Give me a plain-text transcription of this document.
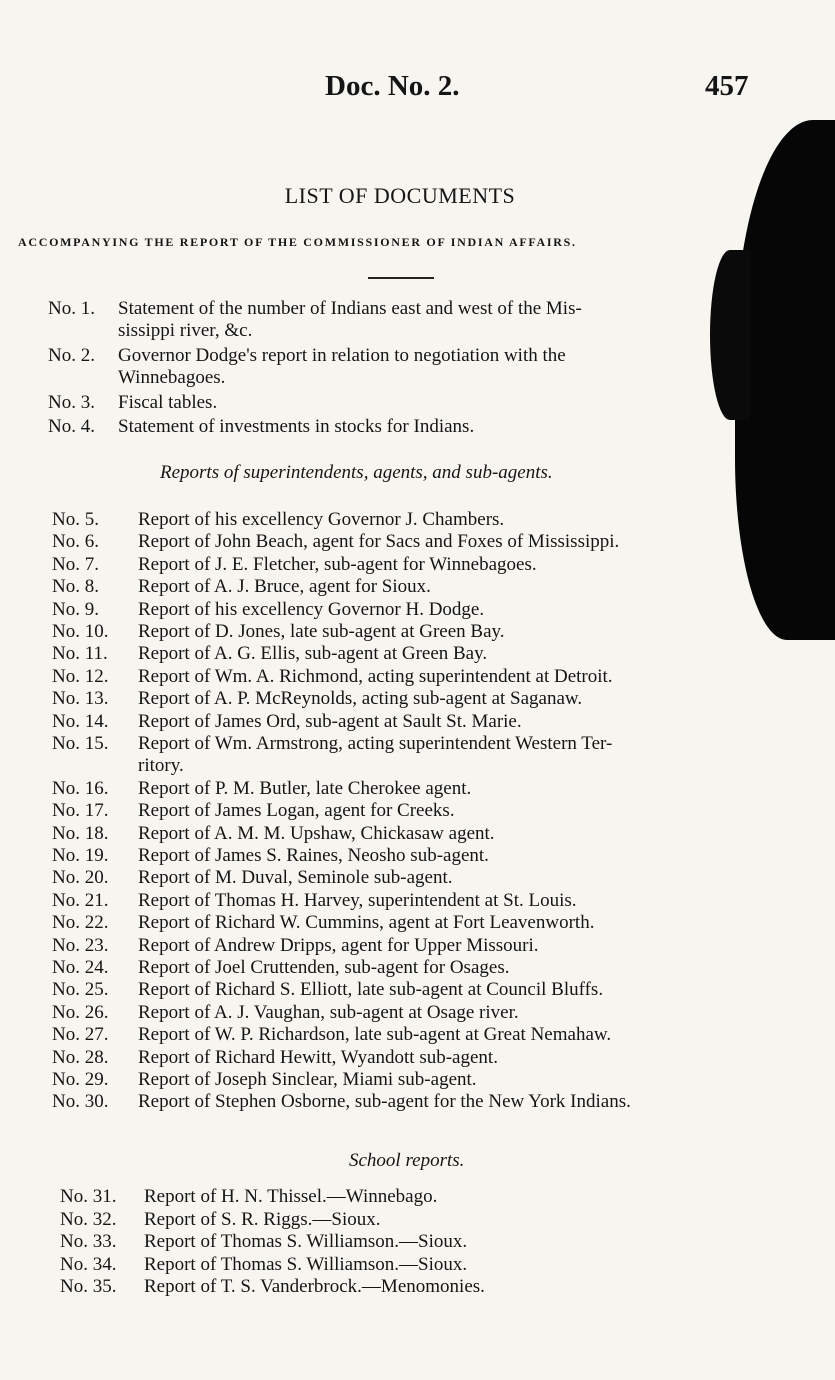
Doc. No. 2.	457
LIST OF DOCUMENTS
ACCOMPANYING THE REPORT OF THE COMMISSIONER OF INDIAN AFFAIRS.
No. 1. Statement of the number of Indians east and west of the Mis-
sissippi river, &c.
No. 2. Governor Dodge's report in relation to negotiation with the
Winnebagoes.
No. 3. Fiscal tables.
No. 4. Statement of investments in stocks for Indians.
Reports of superintendents, agents, and sub-agents.
No. 5. Report of his excellency Governor J. Chambers.
No. 6. Report of John Beach, agent for Sacs and Foxes of Mississippi.
No. 7. Report of J. E. Fletcher, sub-agent for Winnebagoes.
No. 8. Report of A. J. Bruce, agent for Sioux.
No. 9. Report of his excellency Governor H. Dodge.
No. 10. Report of D. Jones, late sub-agent at Green Bay.
No. 11. Report of A. G. Ellis, sub-agent at Green Bay.
No. 12. Report of Wm. A. Richmond, acting superintendent at Detroit.
No. 13. Report of A. P. McReynolds, acting sub-agent at Saganaw.
No. 14. Report of James Ord, sub-agent at Sault St. Marie.
No. 15. Report of Wm. Armstrong, acting superintendent Western Ter-
ritory.
No. 16. Report of P. M. Butler, late Cherokee agent.
No. 17. Report of James Logan, agent for Creeks.
No. 18. Report of A. M. M. Upshaw, Chickasaw agent.
No. 19. Report of James S. Raines, Neosho sub-agent.
No. 20. Report of M. Duval, Seminole sub-agent.
No. 21. Report of Thomas H. Harvey, superintendent at St. Louis.
No. 22. Report of Richard W. Cummins, agent at Fort Leavenworth.
No. 23. Report of Andrew Dripps, agent for Upper Missouri.
No. 24. Report of Joel Cruttenden, sub-agent for Osages.
No. 25. Report of Richard S. Elliott, late sub-agent at Council Bluffs.
No. 26. Report of A. J. Vaughan, sub-agent at Osage river.
No. 27. Report of W. P. Richardson, late sub-agent at Great Nemahaw.
No. 28. Report of Richard Hewitt, Wyandott sub-agent.
No. 29. Report of Joseph Sinclear, Miami sub-agent.
No. 30. Report of Stephen Osborne, sub-agent for the New York Indians.
School reports.
No. 31. Report of H. N. Thissel.—Winnebago.
No. 32. Report of S. R. Riggs.—Sioux.
No. 33. Report of Thomas S. Williamson.—Sioux.
No. 34. Report of Thomas S. Williamson.—Sioux.
No. 35. Report of T. S. Vanderbrock.—Menomonies.
